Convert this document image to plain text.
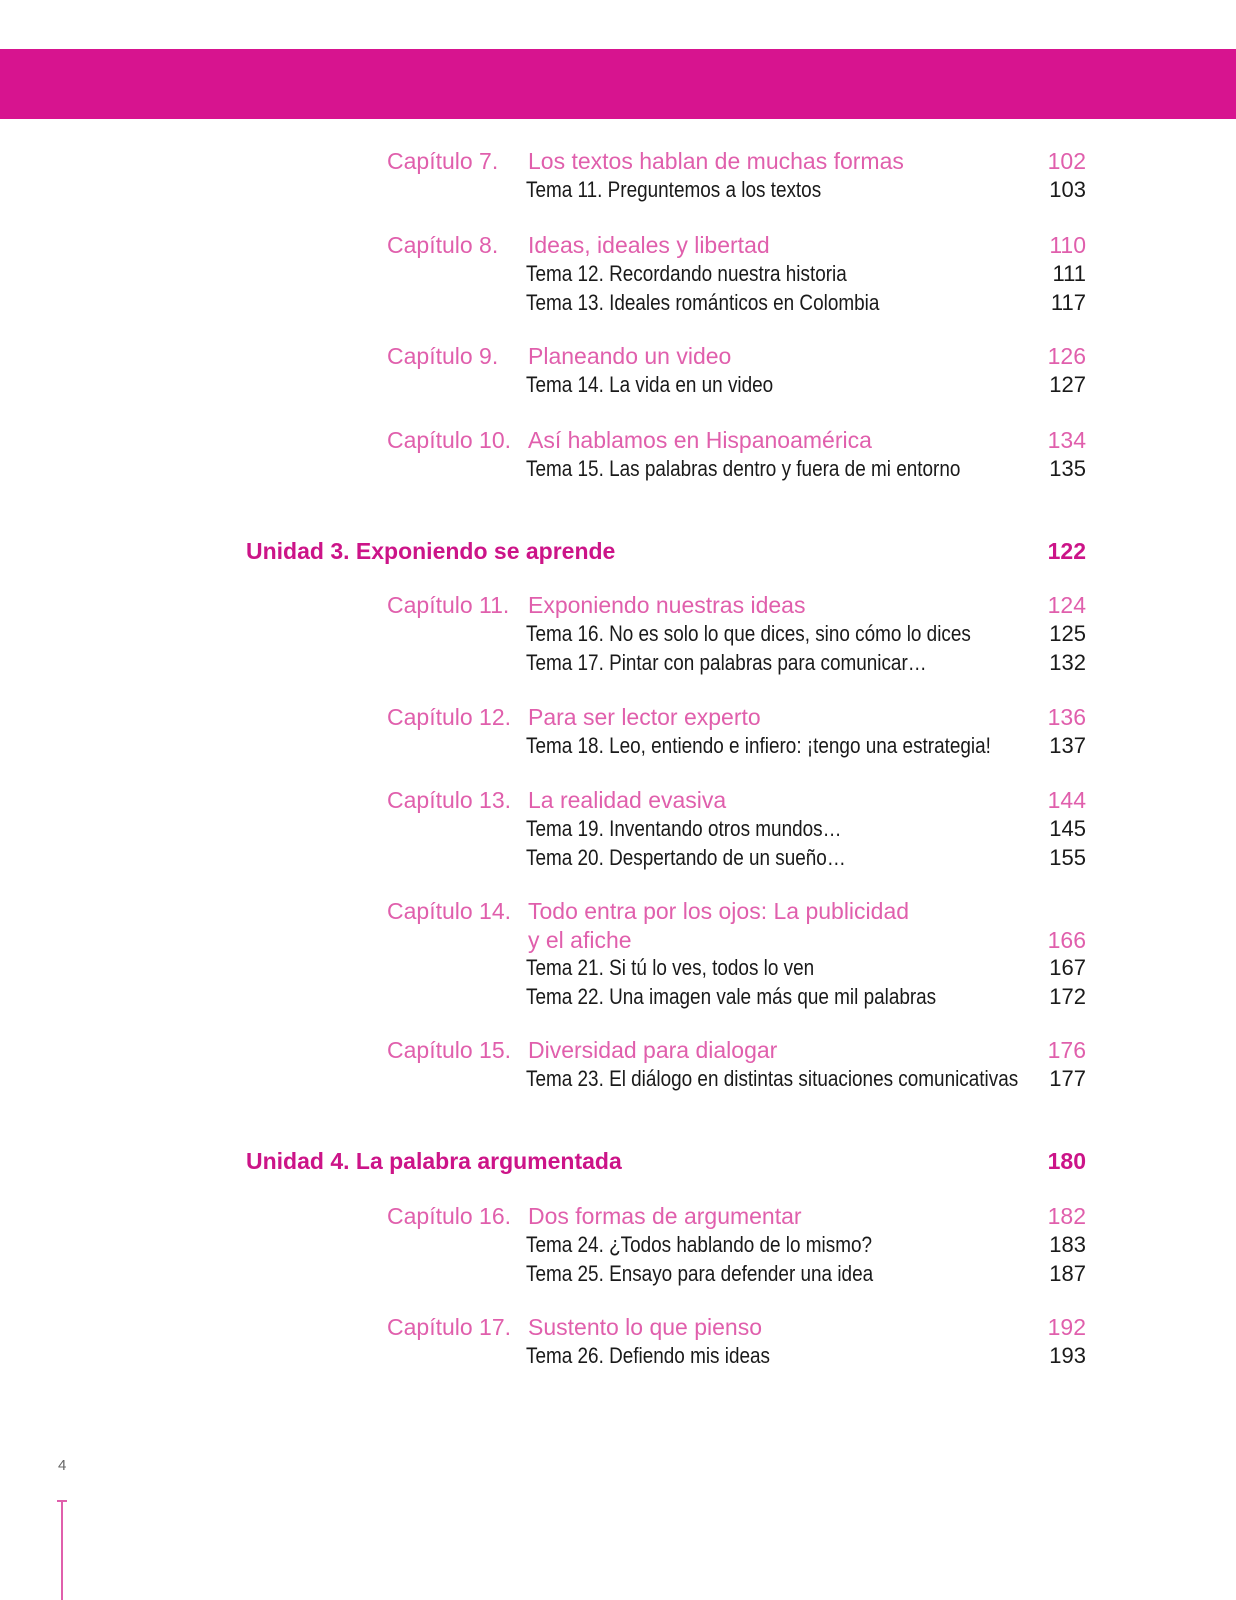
Capítulo 7. Los textos hablan de muchas formas	102
Tema 11. Preguntemos a los textos	103
Capítulo 8. Ideas, ideales y libertad	110
Tema 12. Recordando nuestra historia	111
Tema 13. Ideales románticos en Colombia	117
Capítulo 9. Planeando un video	126
Tema 14. La vida en un video	127
Capítulo 10. Así hablamos en Hispanoamérica	134
Tema 15. Las palabras dentro y fuera de mi entorno	135
Unidad 3. Exponiendo se aprende	122
Capítulo 11. Exponiendo nuestras ideas	124
Tema 16. No es solo lo que dices, sino cómo lo dices	125
Tema 17. Pintar con palabras para comunicar…	132
Capítulo 12. Para ser lector experto	136
Tema 18. Leo, entiendo e infiero: ¡tengo una estrategia!	137
Capítulo 13. La realidad evasiva	144
Tema 19. Inventando otros mundos…	145
Tema 20. Despertando de un sueño…	155
Capítulo 14. Todo entra por los ojos: La publicidad
y el afiche	166
Tema 21. Si tú lo ves, todos lo ven	167
Tema 22. Una imagen vale más que mil palabras	172
Capítulo 15. Diversidad para dialogar	176
Tema 23. El diálogo en distintas situaciones comunicativas 177
Unidad 4. La palabra argumentada	180
Capítulo 16. Dos formas de argumentar	182
Tema 24. ¿Todos hablando de lo mismo?	183
Tema 25. Ensayo para defender una idea	187
Capítulo 17. Sustento lo que pienso	192
Tema 26. Defiendo mis ideas	193
4
